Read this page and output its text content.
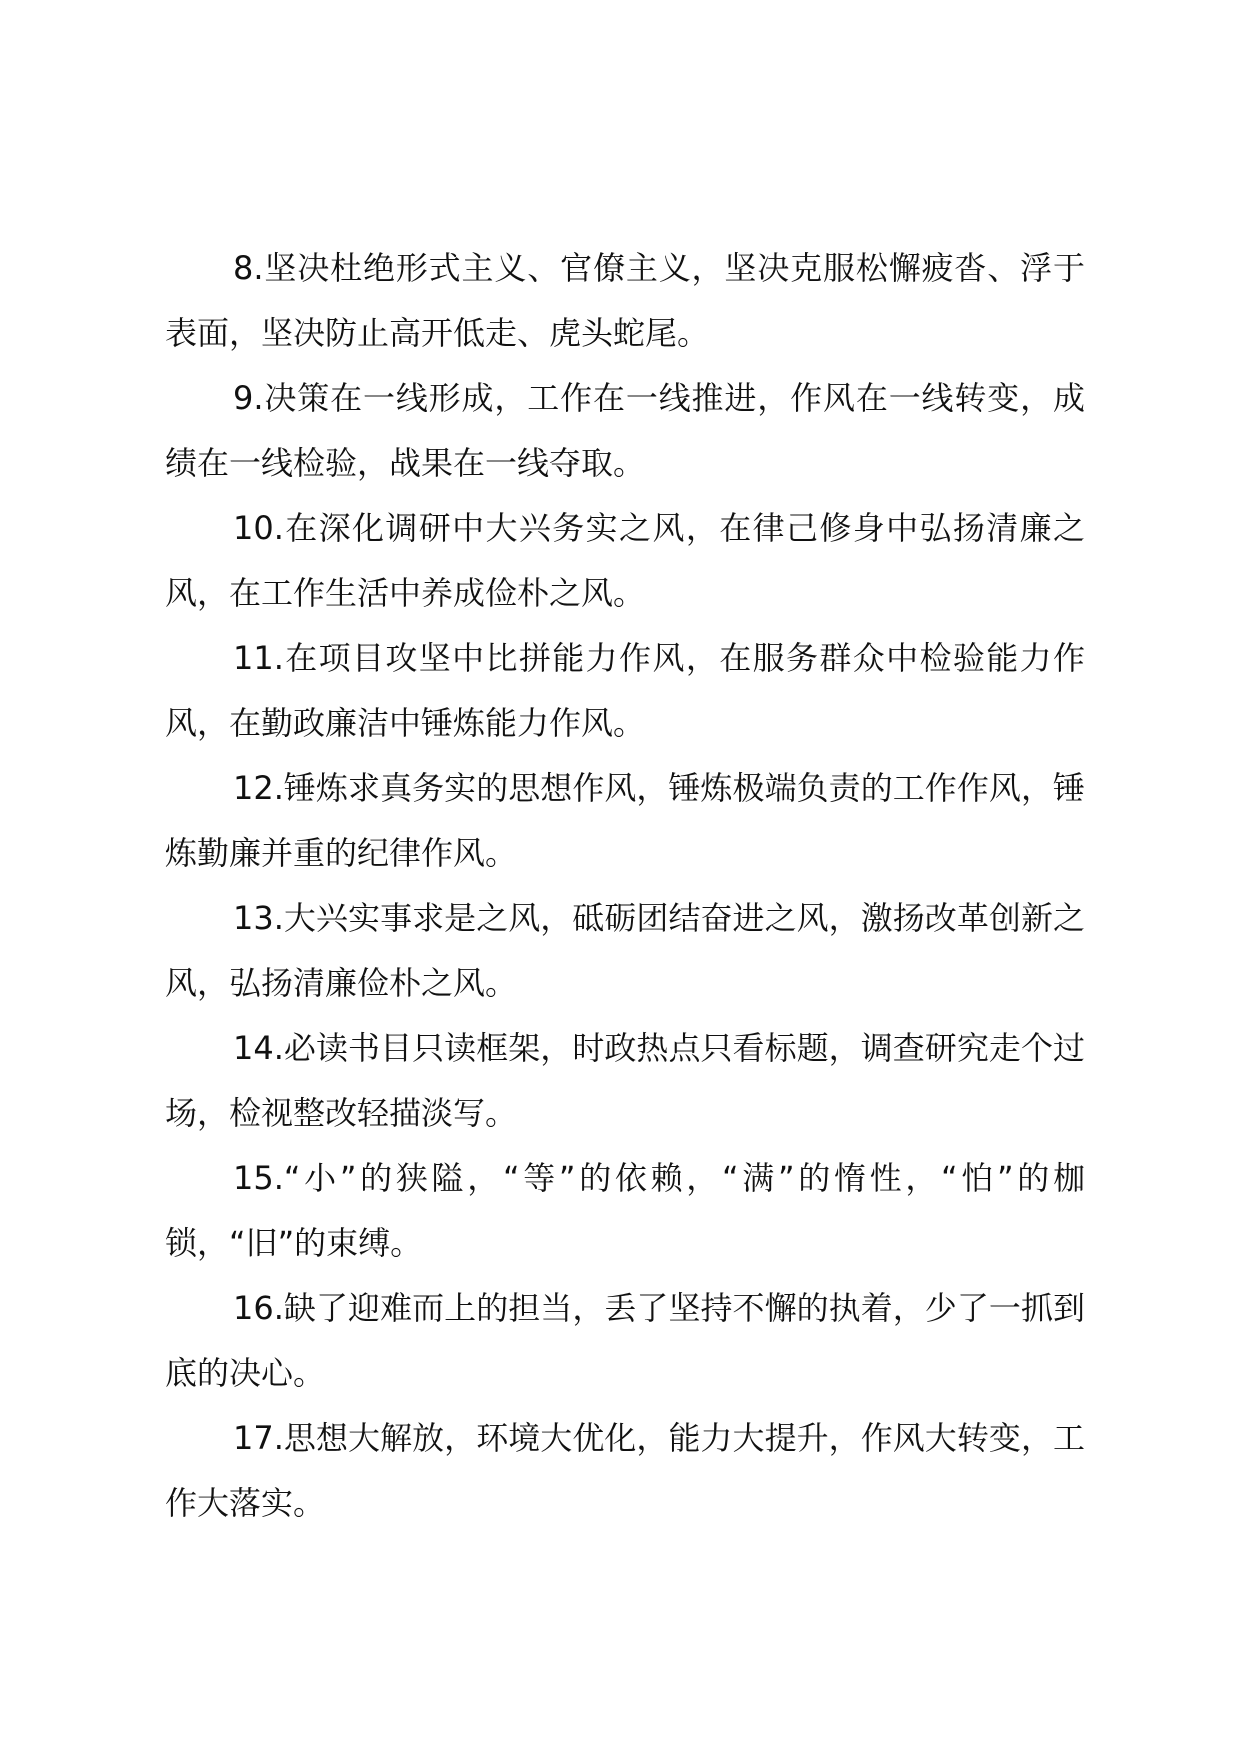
8.坚决杜绝形式主义、官僚主义，坚决克服松懈疲沓、浮于表面，坚决防止高开低走、虎头蛇尾。

9.决策在一线形成，工作在一线推进，作风在一线转变，成绩在一线检验，战果在一线夺取。

10.在深化调研中大兴务实之风，在律己修身中弘扬清廉之风，在工作生活中养成俭朴之风。

11.在项目攻坚中比拼能力作风，在服务群众中检验能力作风，在勤政廉洁中锤炼能力作风。

12.锤炼求真务实的思想作风，锤炼极端负责的工作作风，锤炼勤廉并重的纪律作风。

13.大兴实事求是之风，砥砺团结奋进之风，激扬改革创新之风，弘扬清廉俭朴之风。

14.必读书目只读框架，时政热点只看标题，调查研究走个过场，检视整改轻描淡写。

15.“小”的狭隘，“等”的依赖，“满”的惰性，“怕”的枷锁，“旧”的束缚。

16.缺了迎难而上的担当，丢了坚持不懈的执着，少了一抓到底的决心。

17.思想大解放，环境大优化，能力大提升，作风大转变，工作大落实。
